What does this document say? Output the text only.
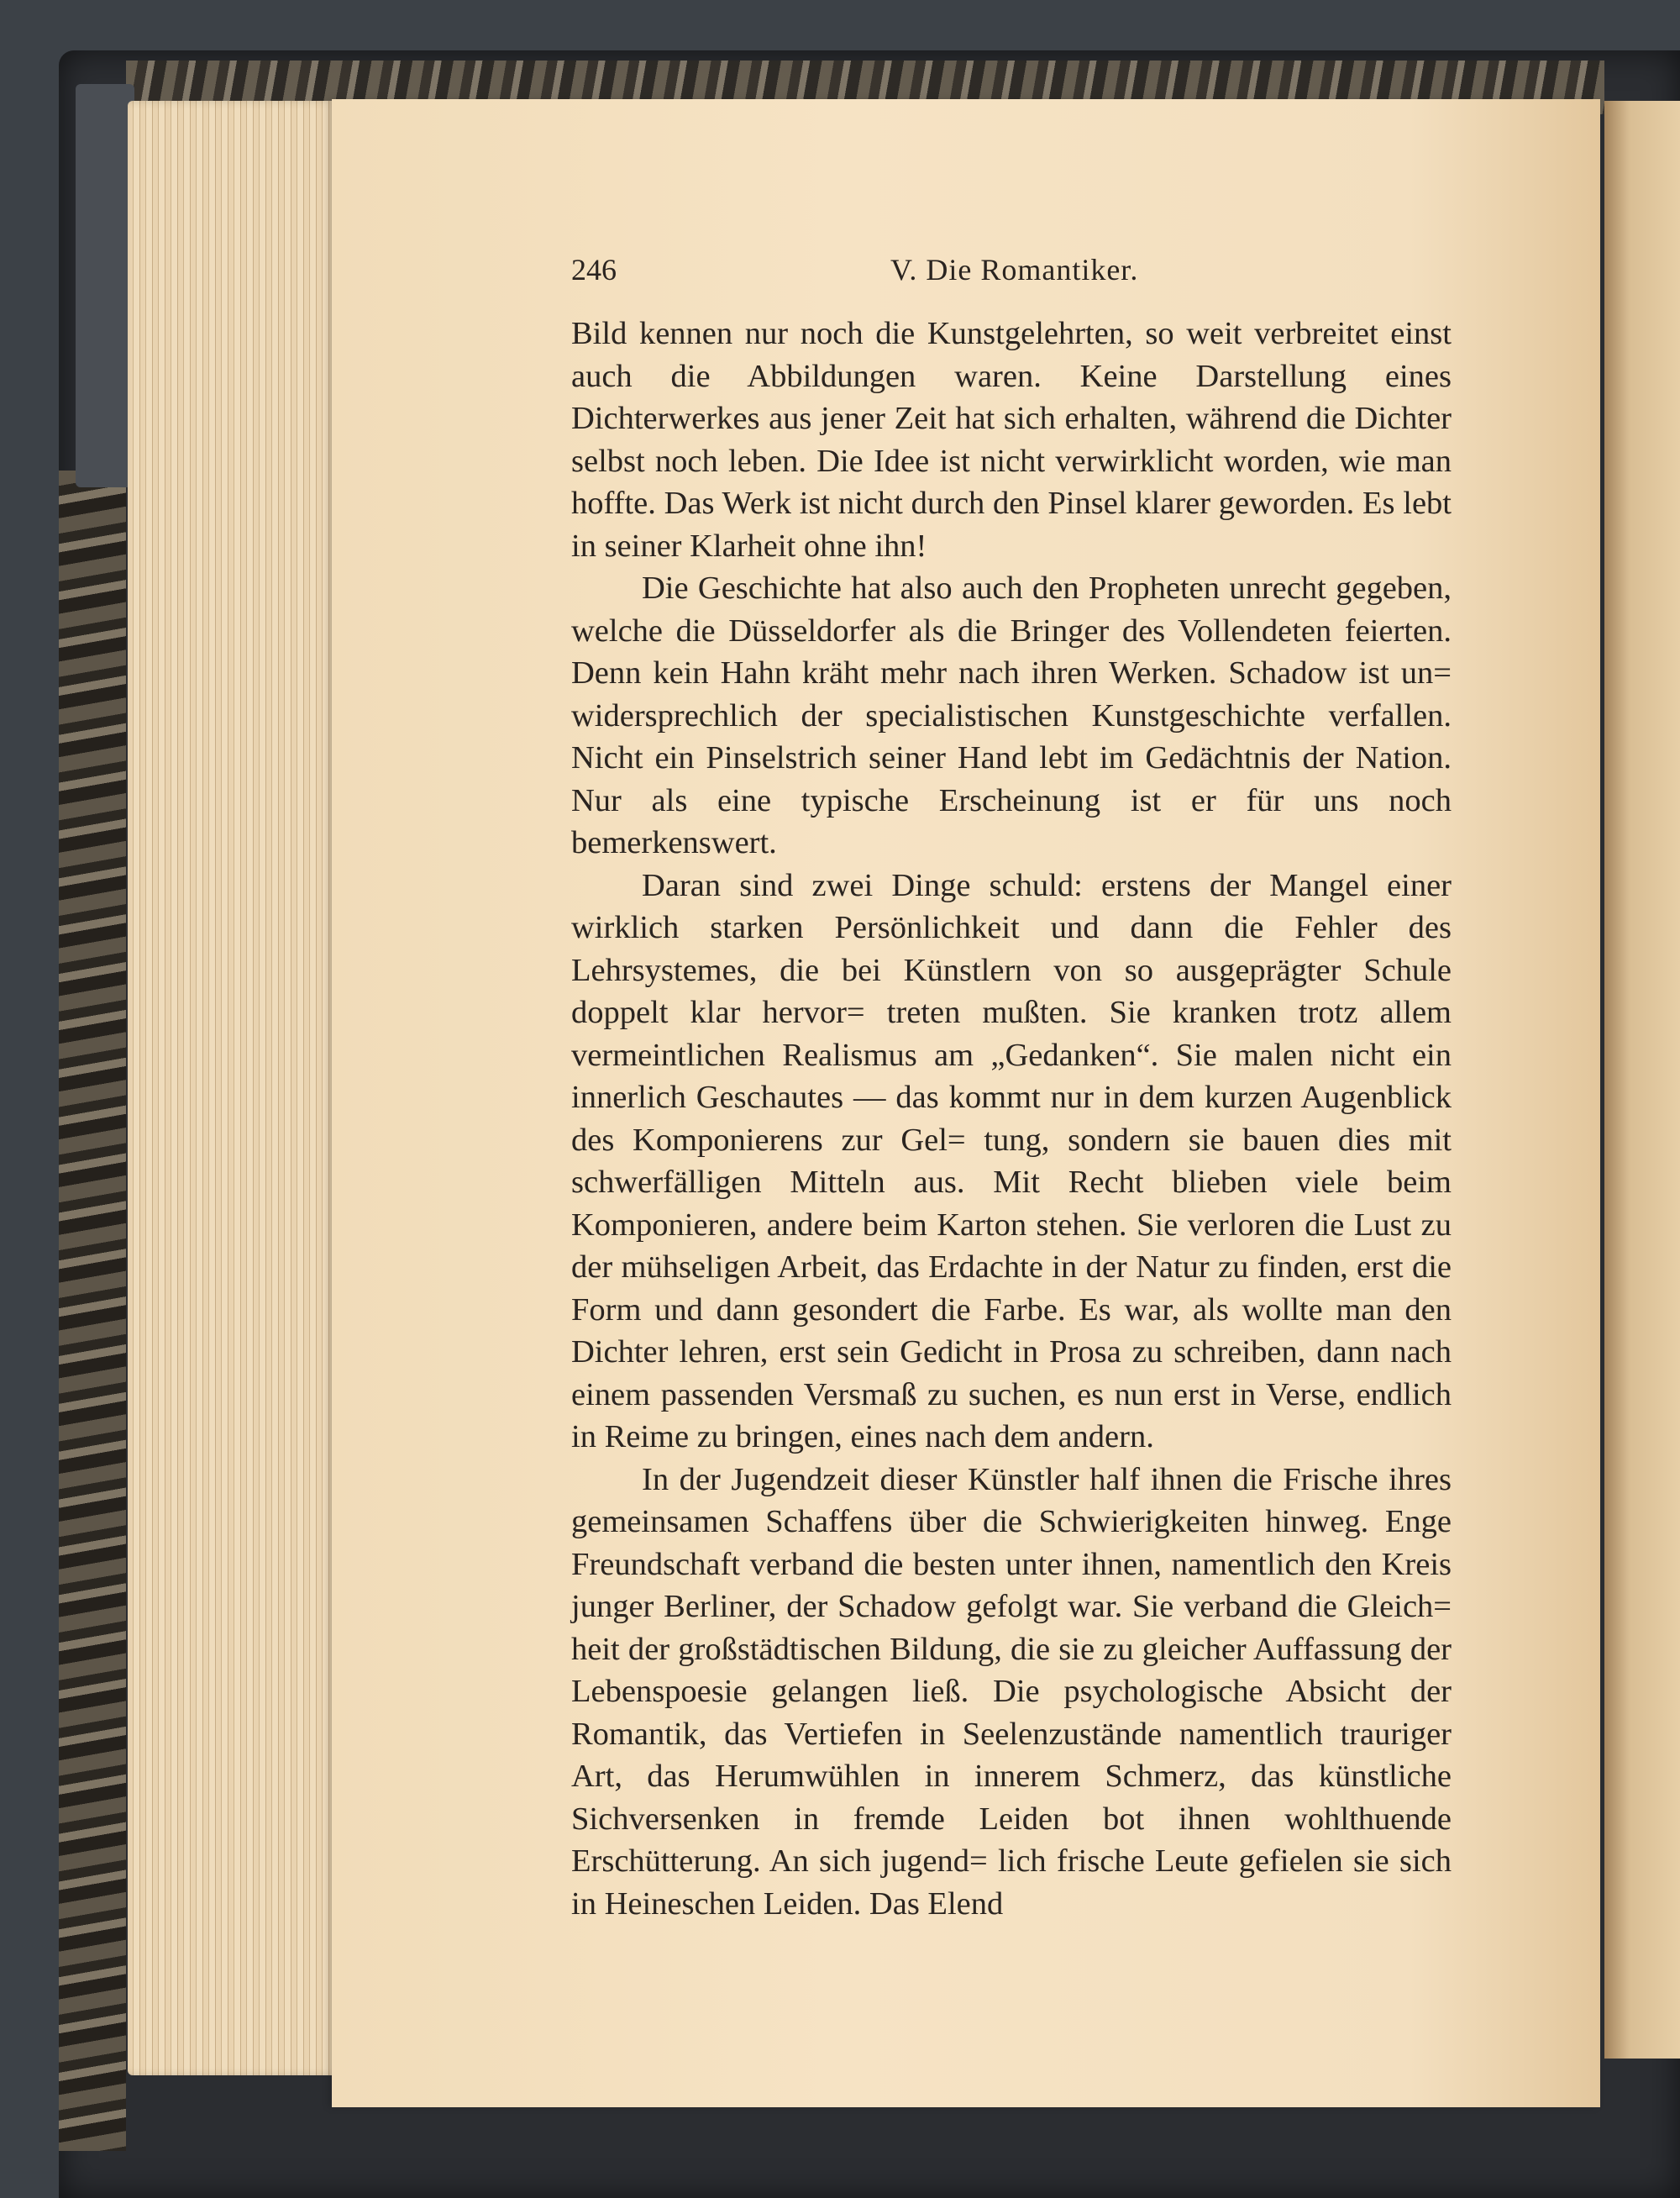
246	V. Die Romantiker.

Bild kennen nur noch die Kunstgelehrten, so weit verbreitet einst auch die Abbildungen waren. Keine Darstellung eines Dichterwerkes aus jener Zeit hat sich erhalten, während die Dichter selbst noch leben. Die Idee ist nicht verwirklicht worden, wie man hoffte. Das Werk ist nicht durch den Pinsel klarer geworden. Es lebt in seiner Klarheit ohne ihn!

Die Geschichte hat also auch den Propheten unrecht gegeben, welche die Düsseldorfer als die Bringer des Vollendeten feierten. Denn kein Hahn kräht mehr nach ihren Werken. Schadow ist un= widersprechlich der specialistischen Kunstgeschichte verfallen. Nicht ein Pinselstrich seiner Hand lebt im Gedächtnis der Nation. Nur als eine typische Erscheinung ist er für uns noch bemerkenswert.

Daran sind zwei Dinge schuld: erstens der Mangel einer wirklich starken Persönlichkeit und dann die Fehler des Lehrsystemes, die bei Künstlern von so ausgeprägter Schule doppelt klar hervor= treten mußten. Sie kranken trotz allem vermeintlichen Realismus am „Gedanken“. Sie malen nicht ein innerlich Geschautes — das kommt nur in dem kurzen Augenblick des Komponierens zur Gel= tung, sondern sie bauen dies mit schwerfälligen Mitteln aus. Mit Recht blieben viele beim Komponieren, andere beim Karton stehen. Sie verloren die Lust zu der mühseligen Arbeit, das Erdachte in der Natur zu finden, erst die Form und dann gesondert die Farbe. Es war, als wollte man den Dichter lehren, erst sein Gedicht in Prosa zu schreiben, dann nach einem passenden Versmaß zu suchen, es nun erst in Verse, endlich in Reime zu bringen, eines nach dem andern.

In der Jugendzeit dieser Künstler half ihnen die Frische ihres gemeinsamen Schaffens über die Schwierigkeiten hinweg. Enge Freundschaft verband die besten unter ihnen, namentlich den Kreis junger Berliner, der Schadow gefolgt war. Sie verband die Gleich= heit der großstädtischen Bildung, die sie zu gleicher Auffassung der Lebenspoesie gelangen ließ. Die psychologische Absicht der Romantik, das Vertiefen in Seelenzustände namentlich trauriger Art, das Herumwühlen in innerem Schmerz, das künstliche Sichversenken in fremde Leiden bot ihnen wohlthuende Erschütterung. An sich jugend= lich frische Leute gefielen sie sich in Heineschen Leiden. Das Elend
